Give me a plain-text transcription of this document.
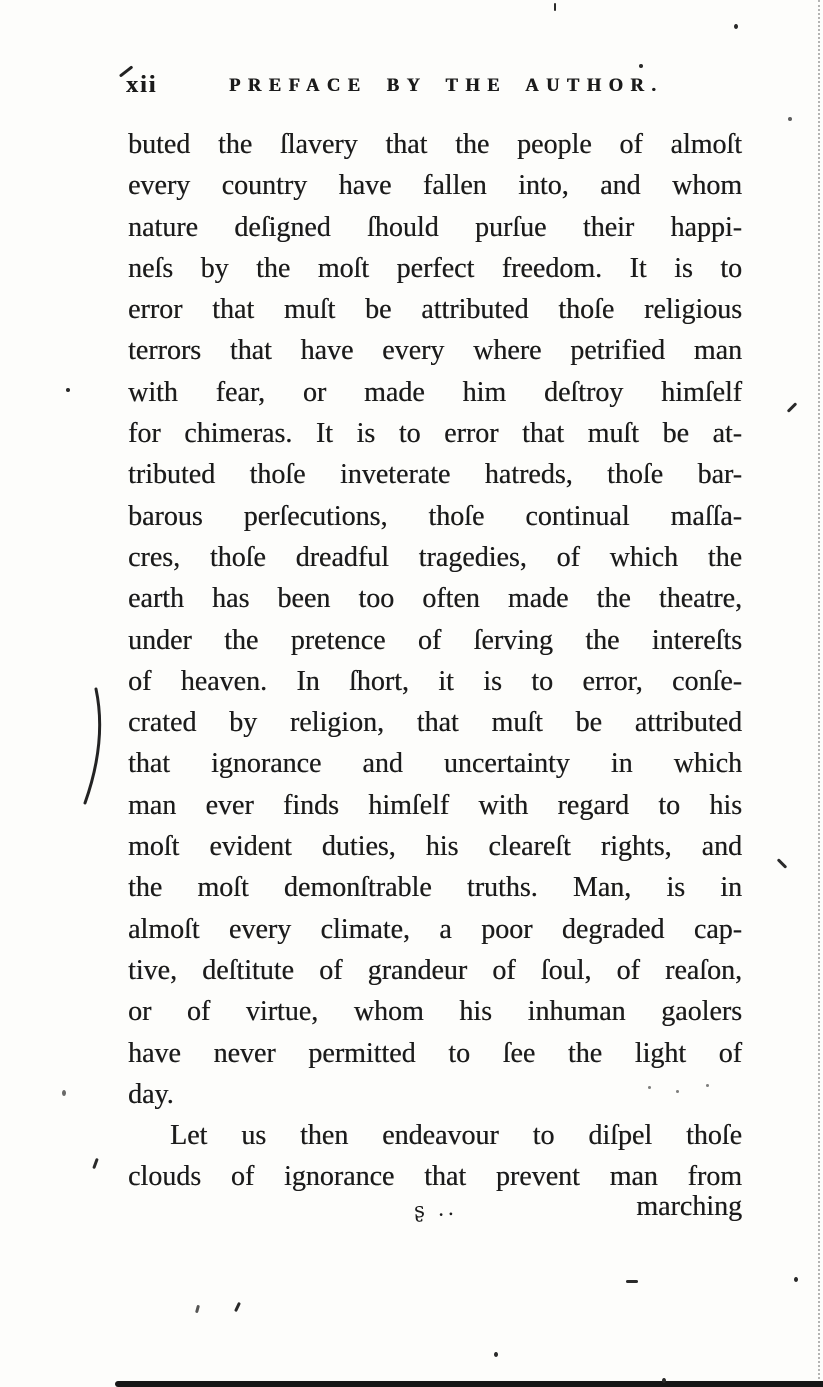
xii	PREFACE BY THE AUTHOR.
buted the ſlavery that the people of almoſt
every country have fallen into, and whom
nature deſigned ſhould purſue their happi-
neſs by the moſt perfect freedom. It is to
error that muſt be attributed thoſe religious
terrors that have every where petrified man
with fear, or made him deſtroy himſelf
for chimeras. It is to error that muſt be at-
tributed thoſe inveterate hatreds, thoſe bar-
barous perſecutions, thoſe continual maſſa-
cres, thoſe dreadful tragedies, of which the
earth has been too often made the theatre,
under the pretence of ſerving the intereſts
of heaven. In ſhort, it is to error, conſe-
crated by religion, that muſt be attributed
that ignorance and uncertainty in which
man ever finds himſelf with regard to his
moſt evident duties, his cleareſt rights, and
the moſt demonſtrable truths. Man, is in
almoſt every climate, a poor degraded cap-
tive, deſtitute of grandeur of ſoul, of reaſon,
or of virtue, whom his inhuman gaolers
have never permitted to ſee the light of
day.
Let us then endeavour to diſpel thoſe
clouds of ignorance that prevent man from
ʂ ..	marching
